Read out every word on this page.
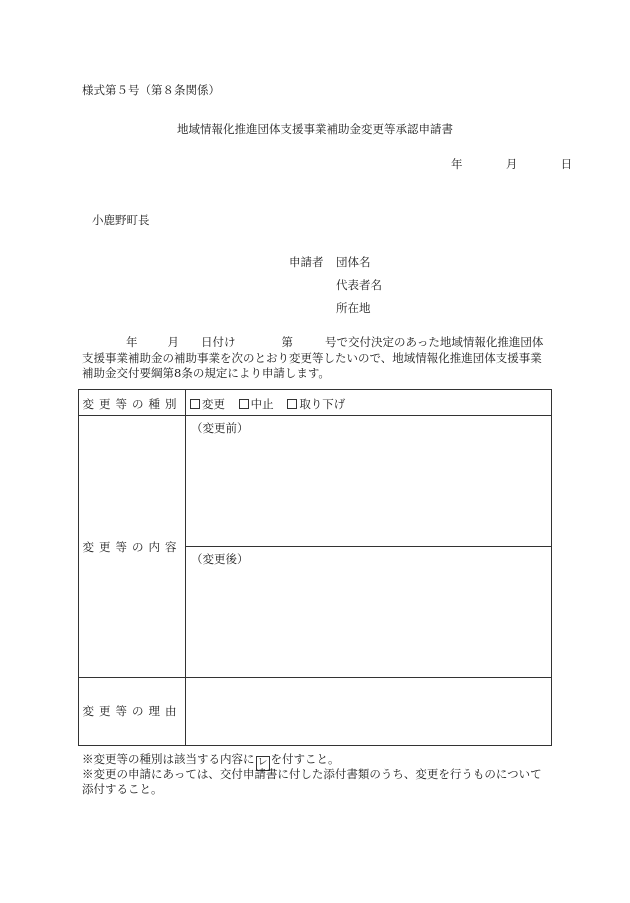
様式第５号（第８条関係）
地域情報化推進団体支援事業補助金変更等承認申請書
年	月	日
小鹿野町長
申請者 団体名
代表者名
所在地
年	月 日付け	第	号で交付決定のあった地域情報化推進団体
支援事業補助金の補助事業を次のとおり変更等したいので、地域情報化推進団体支援事業
補助金交付要綱第8条の規定により申請します。
変更等の種別	変更 中止 取り下げ
変更等の内容
（変更前）
（変更後）
変更等の理由
※変更等の種別は該当する内容に レ を付すこと。
※変更の申請にあっては、交付申請書に付した添付書類のうち、変更を行うものについて添付すること。
